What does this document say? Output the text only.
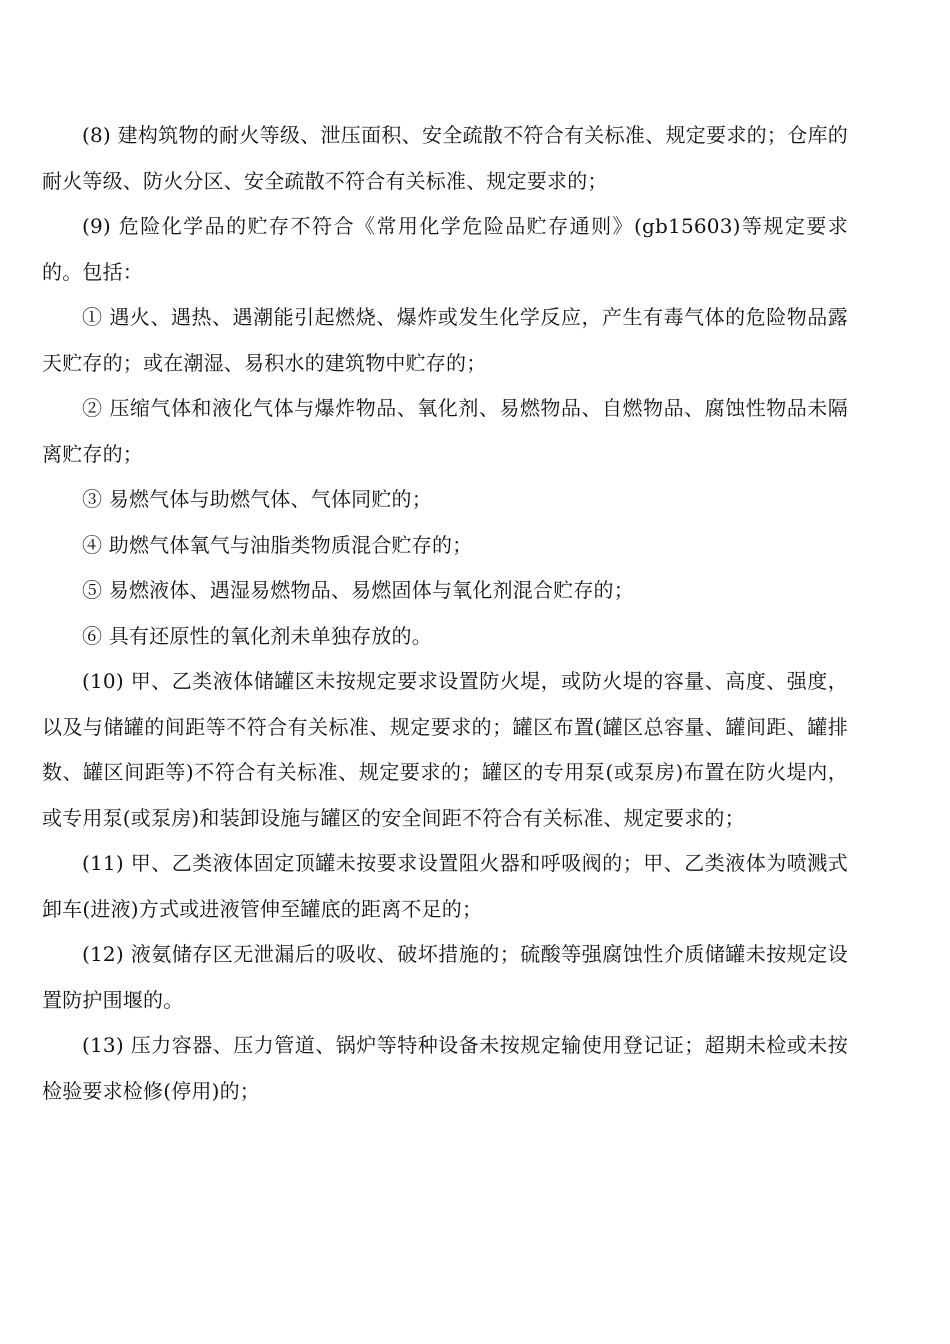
(8) 建构筑物的耐火等级、泄压面积、安全疏散不符合有关标准、规定要求的；仓库的耐火等级、防火分区、安全疏散不符合有关标准、规定要求的；

(9) 危险化学品的贮存不符合《常用化学危险品贮存通则》(gb15603)等规定要求的。包括：

① 遇火、遇热、遇潮能引起燃烧、爆炸或发生化学反应，产生有毒气体的危险物品露天贮存的；或在潮湿、易积水的建筑物中贮存的；

② 压缩气体和液化气体与爆炸物品、氧化剂、易燃物品、自燃物品、腐蚀性物品未隔离贮存的；

③ 易燃气体与助燃气体、气体同贮的；

④ 助燃气体氧气与油脂类物质混合贮存的；

⑤ 易燃液体、遇湿易燃物品、易燃固体与氧化剂混合贮存的；

⑥ 具有还原性的氧化剂未单独存放的。

(10) 甲、乙类液体储罐区未按规定要求设置防火堤，或防火堤的容量、高度、强度，以及与储罐的间距等不符合有关标准、规定要求的；罐区布置(罐区总容量、罐间距、罐排数、罐区间距等)不符合有关标准、规定要求的；罐区的专用泵(或泵房)布置在防火堤内，或专用泵(或泵房)和装卸设施与罐区的安全间距不符合有关标准、规定要求的；

(11) 甲、乙类液体固定顶罐未按要求设置阻火器和呼吸阀的；甲、乙类液体为喷溅式卸车(进液)方式或进液管伸至罐底的距离不足的；

(12) 液氨储存区无泄漏后的吸收、破坏措施的；硫酸等强腐蚀性介质储罐未按规定设置防护围堰的。

(13) 压力容器、压力管道、锅炉等特种设备未按规定输使用登记证；超期未检或未按检验要求检修(停用)的；
